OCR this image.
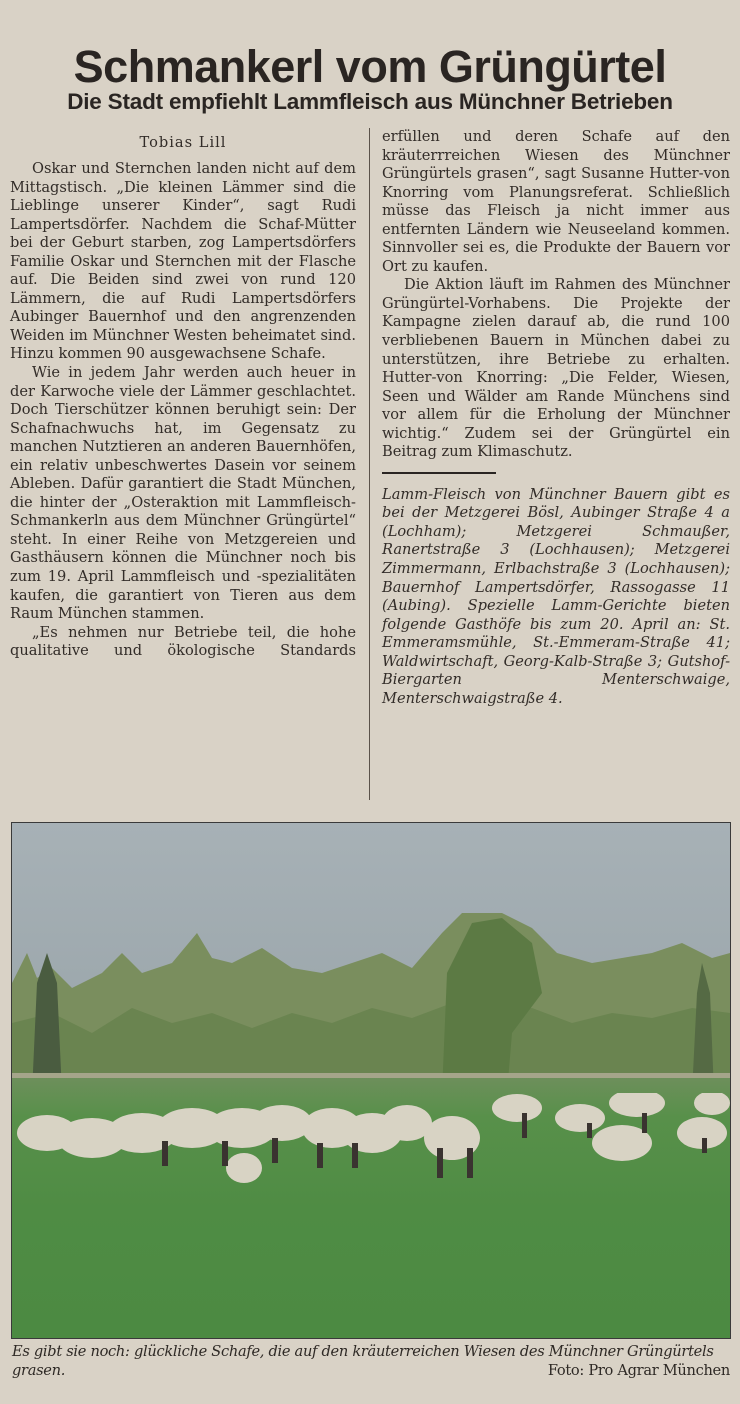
Schmankerl vom Grüngürtel
Die Stadt empfiehlt Lammfleisch aus Münchner Betrieben
Tobias Lill

Oskar und Sternchen landen nicht auf dem Mittagstisch. „Die kleinen Lämmer sind die Lieblinge unserer Kinder“, sagt Rudi Lampertsdörfer. Nachdem die Schaf-Mütter bei der Geburt starben, zog Lampertsdörfers Familie Oskar und Sternchen mit der Flasche auf. Die Beiden sind zwei von rund 120 Lämmern, die auf Rudi Lampertsdörfers Aubinger Bauernhof und den angrenzenden Weiden im Münchner Westen beheimatet sind. Hinzu kommen 90 ausgewachsene Schafe.

Wie in jedem Jahr werden auch heuer in der Karwoche viele der Lämmer geschlachtet. Doch Tierschützer können beruhigt sein: Der Schafnachwuchs hat, im Gegensatz zu manchen Nutztieren an anderen Bauernhöfen, ein relativ unbeschwertes Dasein vor seinem Ableben. Dafür garantiert die Stadt München, die hinter der „Osteraktion mit Lammfleisch-Schmankerln aus dem Münchner Grüngürtel“ steht. In einer Reihe von Metzgereien und Gasthäusern können die Münchner noch bis zum 19. April Lammfleisch und -spezialitäten kaufen, die garantiert von Tieren aus dem Raum München stammen.

„Es nehmen nur Betriebe teil, die hohe qualitative und ökologische Standards

erfüllen und deren Schafe auf den kräuterrreichen Wiesen des Münchner Grüngürtels grasen“, sagt Susanne Hutter-von Knorring vom Planungsreferat. Schließlich müsse das Fleisch ja nicht immer aus entfernten Ländern wie Neuseeland kommen. Sinnvoller sei es, die Produkte der Bauern vor Ort zu kaufen.

Die Aktion läuft im Rahmen des Münchner Grüngürtel-Vorhabens. Die Projekte der Kampagne zielen darauf ab, die rund 100 verbliebenen Bauern in München dabei zu unterstützen, ihre Betriebe zu erhalten. Hutter-von Knorring: „Die Felder, Wiesen, Seen und Wälder am Rande Münchens sind vor allem für die Erholung der Münchner wichtig.“ Zudem sei der Grüngürtel ein Beitrag zum Klimaschutz.

Lamm-Fleisch von Münchner Bauern gibt es bei der Metzgerei Bösl, Aubinger Straße 4 a (Lochham); Metzgerei Schmaußer, Ranertstraße 3 (Lochhausen); Metzgerei Zimmermann, Erlbachstraße 3 (Lochhausen); Bauernhof Lampertsdörfer, Rassogasse 11 (Aubing). Spezielle Lamm-Gerichte bieten folgende Gasthöfe bis zum 20. April an: St. Emmeramsmühle, St.-Emmeram-Straße 41; Waldwirtschaft, Georg-Kalb-Straße 3; Gutshof-Biergarten Menterschwaige, Menterschwaigstraße 4.

Es gibt sie noch: glückliche Schafe, die auf den kräuterreichen Wiesen des Münchner Grüngürtels grasen.	Foto: Pro Agrar München
